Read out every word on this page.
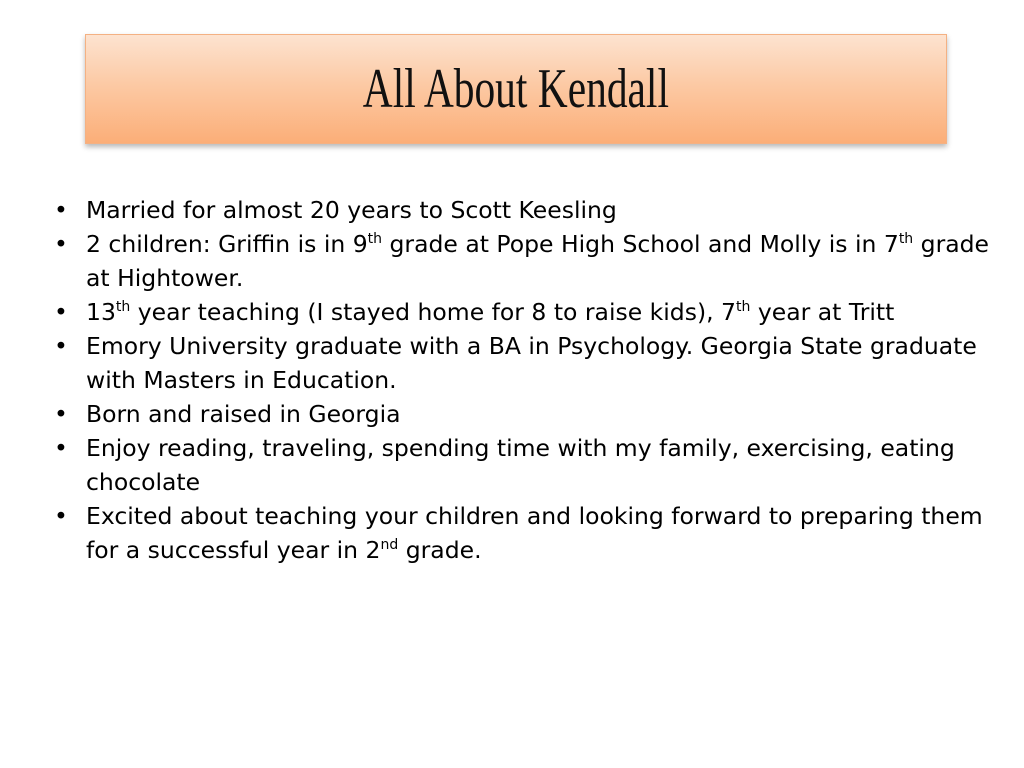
All About Kendall
• Married for almost 20 years to Scott Keesling
• 2 children: Griffin is in 9th grade at Pope High School and Molly is in 7th grade at Hightower.
• 13th year teaching (I stayed home for 8 to raise kids), 7th year at Tritt
• Emory University graduate with a BA in Psychology. Georgia State graduate with Masters in Education.
• Born and raised in Georgia
• Enjoy reading, traveling, spending time with my family, exercising, eating chocolate
• Excited about teaching your children and looking forward to preparing them for a successful year in 2nd grade.
